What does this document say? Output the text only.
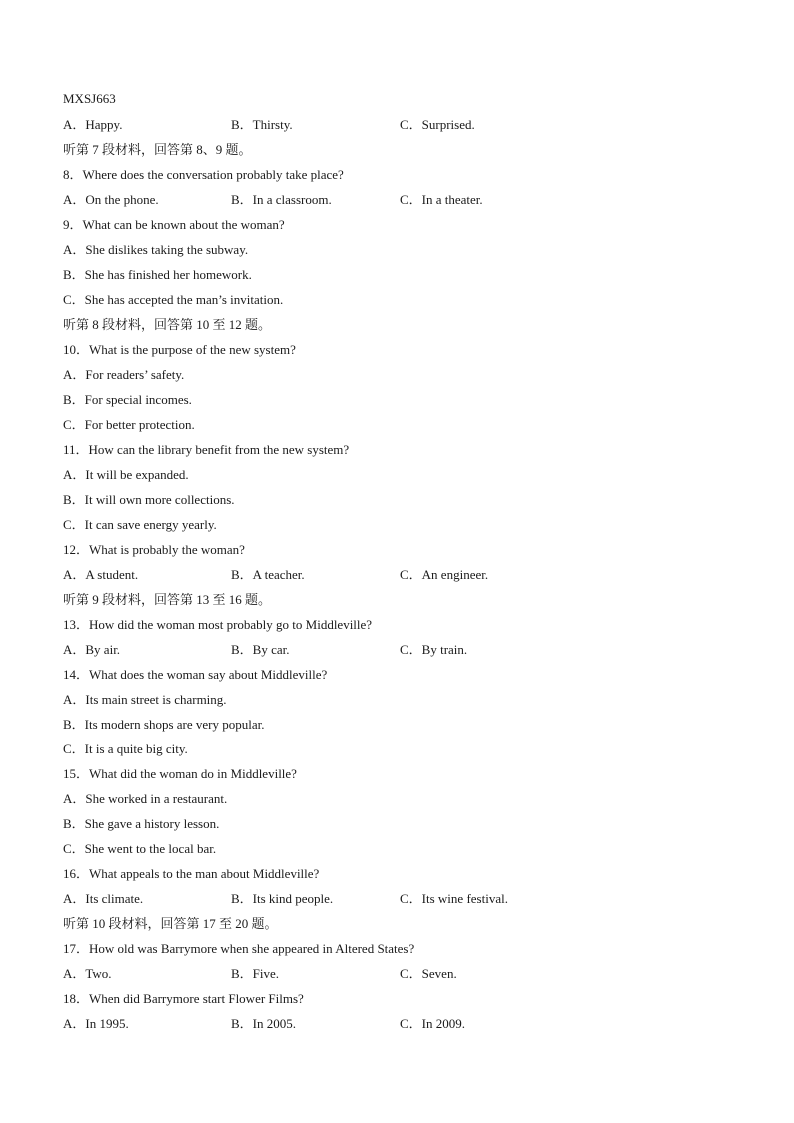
MXSJ663
A．Happy.	B．Thirsty.	C．Surprised.
听第 7 段材料，回答第 8、9 题。
8．Where does the conversation probably take place?
A．On the phone.	B．In a classroom.	C．In a theater.
9．What can be known about the woman?
A．She dislikes taking the subway.
B．She has finished her homework.
C．She has accepted the man’s invitation.
听第 8 段材料，回答第 10 至 12 题。
10．What is the purpose of the new system?
A．For readers’ safety.
B．For special incomes.
C．For better protection.
11．How can the library benefit from the new system?
A．It will be expanded.
B．It will own more collections.
C．It can save energy yearly.
12．What is probably the woman?
A．A student.	B．A teacher.	C．An engineer.
听第 9 段材料，回答第 13 至 16 题。
13．How did the woman most probably go to Middleville?
A．By air.	B．By car.	C．By train.
14．What does the woman say about Middleville?
A．Its main street is charming.
B．Its modern shops are very popular.
C．It is a quite big city.
15．What did the woman do in Middleville?
A．She worked in a restaurant.
B．She gave a history lesson.
C．She went to the local bar.
16．What appeals to the man about Middleville?
A．Its climate.	B．Its kind people.	C．Its wine festival.
听第 10 段材料，回答第 17 至 20 题。
17．How old was Barrymore when she appeared in Altered States?
A．Two.	B．Five.	C．Seven.
18．When did Barrymore start Flower Films?
A．In 1995.	B．In 2005.	C．In 2009.
